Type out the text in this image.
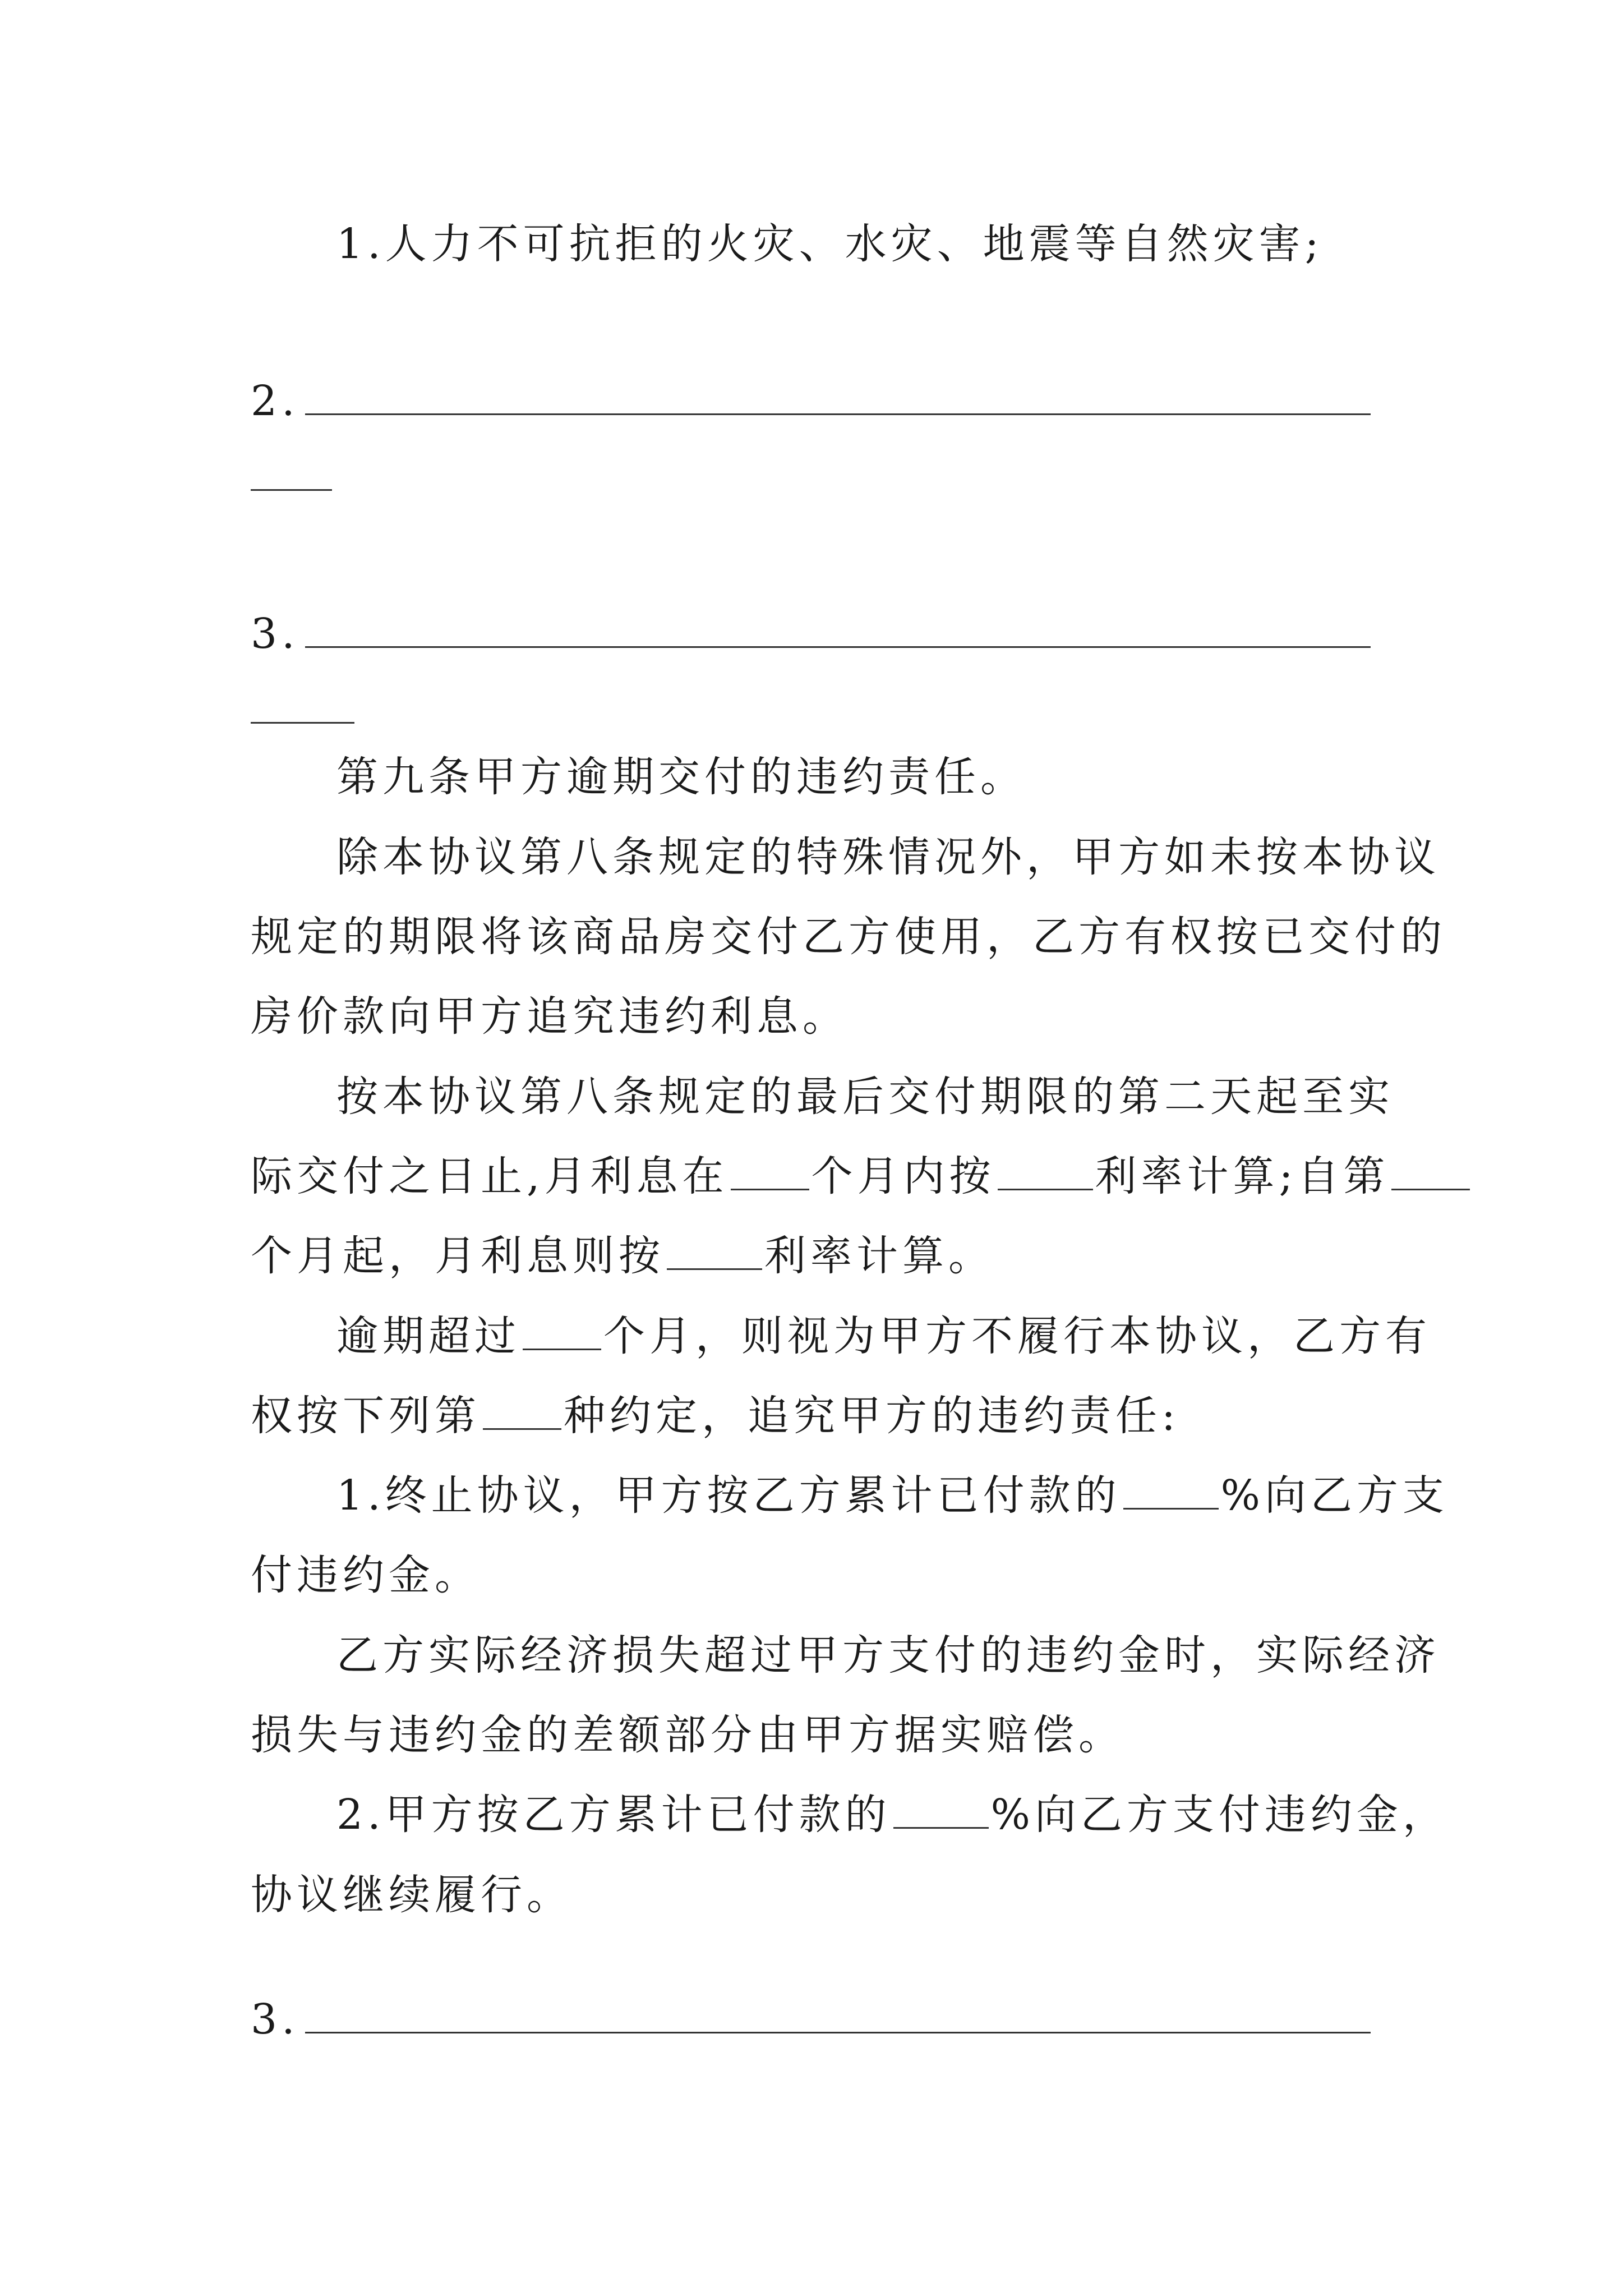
1.人力不可抗拒的火灾、水灾、地震等自然灾害;
2.
3.
第九条甲方逾期交付的违约责任。
除本协议第八条规定的特殊情况外，甲方如未按本协议
规定的期限将该商品房交付乙方使用，乙方有权按已交付的
房价款向甲方追究违约利息。
按本协议第八条规定的最后交付期限的第二天起至实
际交付之日止,月利息在 个月内按 利率计算;自第
个月起，月利息则按 利率计算。
逾期超过 个月，则视为甲方不履行本协议，乙方有
权按下列第 种约定，追究甲方的违约责任:
1.终止协议，甲方按乙方累计已付款的 %向乙方支
付违约金。
乙方实际经济损失超过甲方支付的违约金时，实际经济
损失与违约金的差额部分由甲方据实赔偿。
2.甲方按乙方累计已付款的 %向乙方支付违约金，
协议继续履行。
3.
